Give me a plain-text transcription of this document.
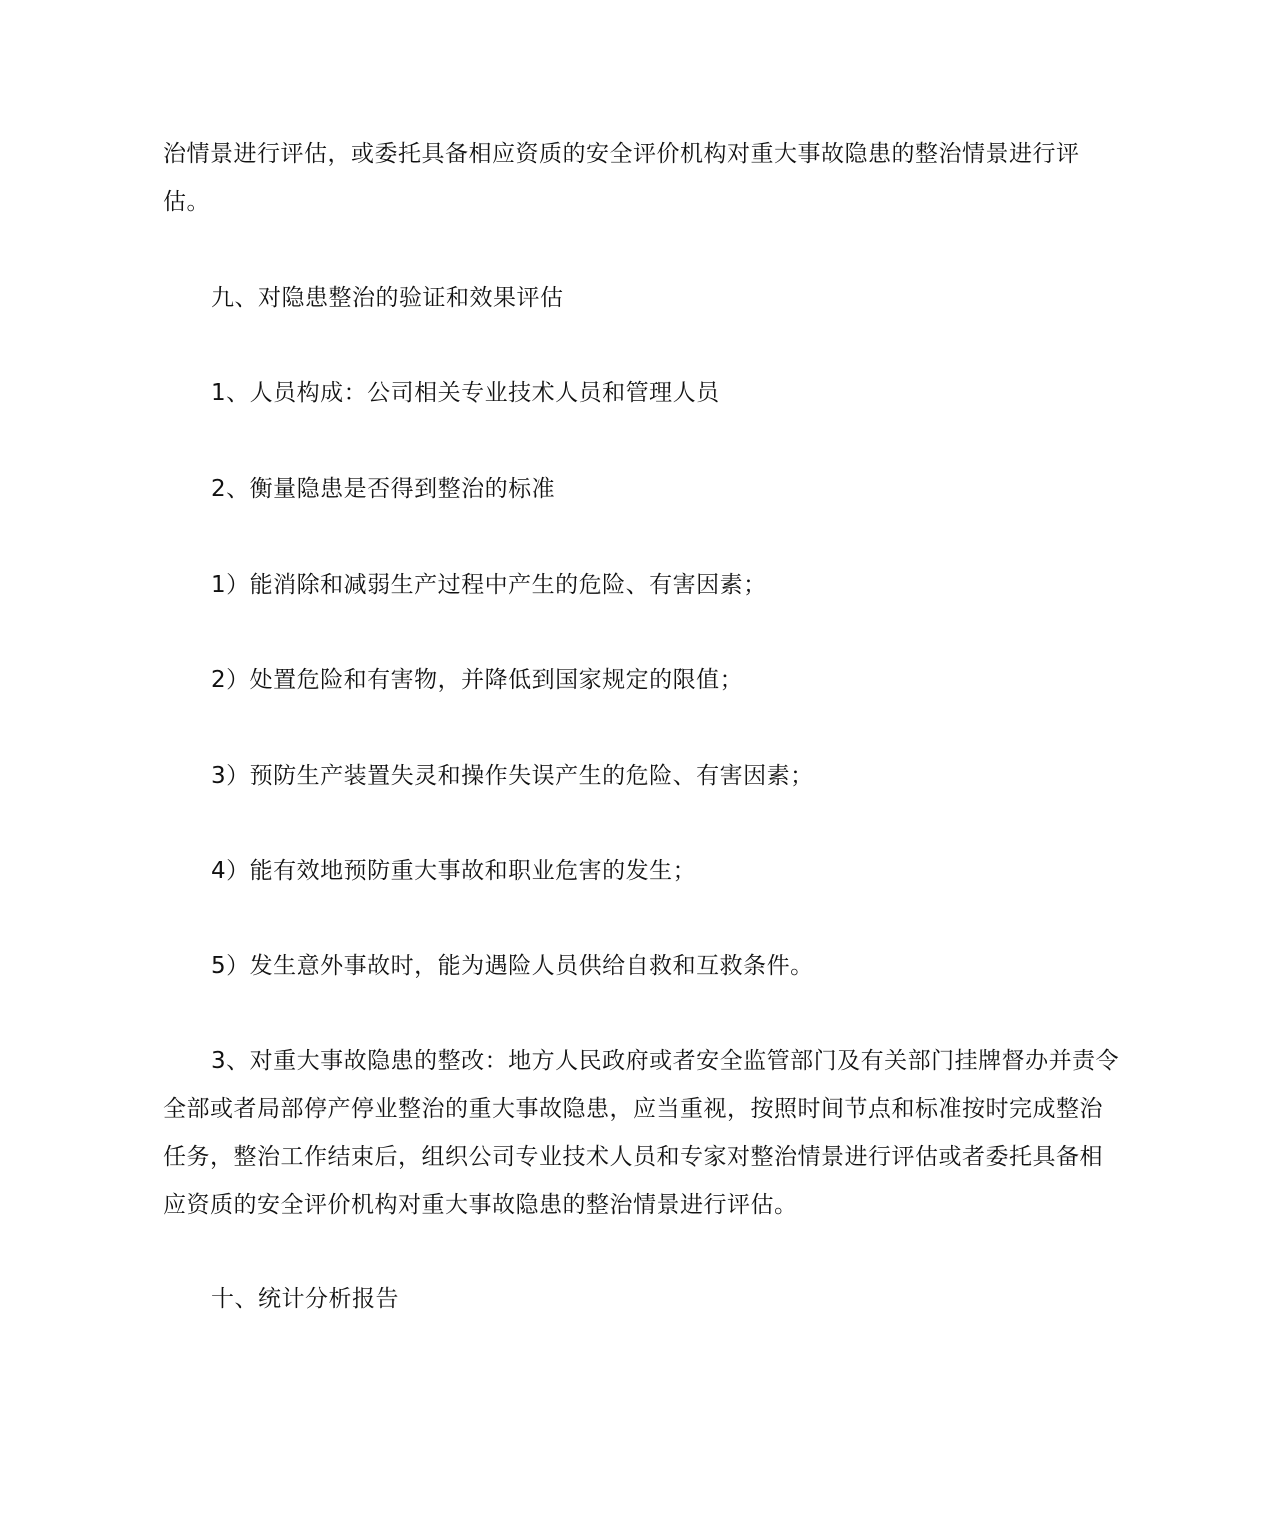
治情景进行评估，或委托具备相应资质的安全评价机构对重大事故隐患的整治情景进行评估。

九、对隐患整治的验证和效果评估

1、人员构成：公司相关专业技术人员和管理人员

2、衡量隐患是否得到整治的标准

1）能消除和减弱生产过程中产生的危险、有害因素；

2）处置危险和有害物，并降低到国家规定的限值；

3）预防生产装置失灵和操作失误产生的危险、有害因素；

4）能有效地预防重大事故和职业危害的发生；

5）发生意外事故时，能为遇险人员供给自救和互救条件。

3、对重大事故隐患的整改：地方人民政府或者安全监管部门及有关部门挂牌督办并责令全部或者局部停产停业整治的重大事故隐患，应当重视，按照时间节点和标准按时完成整治任务，整治工作结束后，组织公司专业技术人员和专家对整治情景进行评估或者委托具备相应资质的安全评价机构对重大事故隐患的整治情景进行评估。

十、统计分析报告
